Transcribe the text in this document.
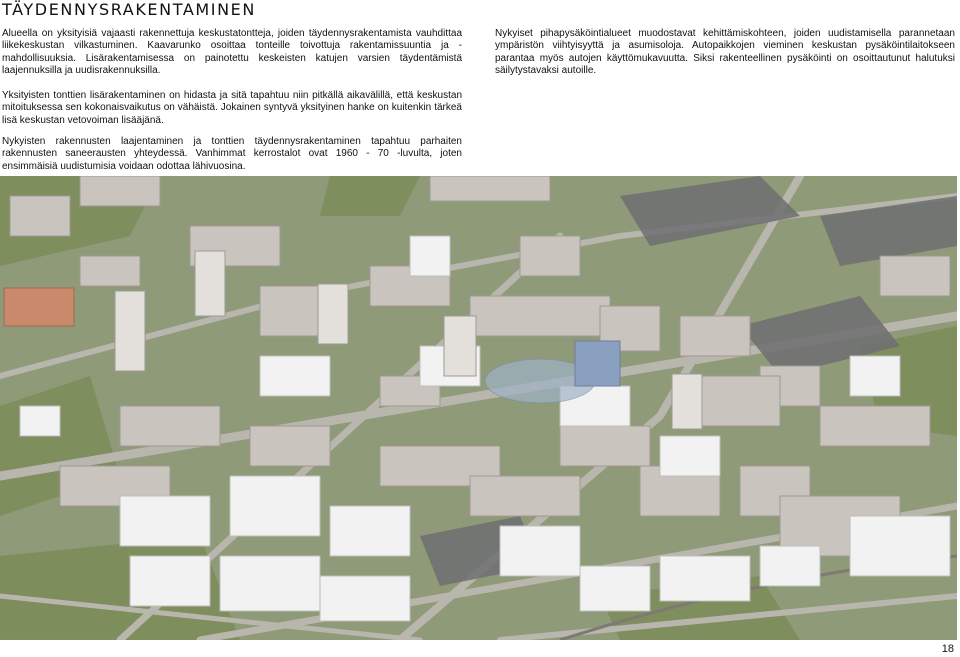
TÄYDENNYSRAKENTAMINEN

Alueella on yksityisiä vajaasti rakennettuja keskustatontteja, joiden täydennysrakentamista vauhdittaa liikekeskustan vilkastuminen. Kaavarunko osoittaa tonteille toivottuja rakentamissuuntia ja -mahdollisuuksia. Lisärakentamisessa on painotettu keskeisten katujen varsien täydentämistä laajennuksilla ja uudisrakennuksilla.

Yksityisten tonttien lisärakentaminen on hidasta ja sitä tapahtuu niin pitkällä aikavälillä, että keskustan mitoituksessa sen kokonaisvaikutus on vähäistä. Jokainen syntyvä yksityinen hanke on kuitenkin tärkeä lisä keskustan vetovoiman lisääjänä.

Nykyisten rakennusten laajentaminen ja tonttien täydennysrakentaminen tapahtuu parhaiten rakennusten saneerausten yhteydessä. Vanhimmat kerrostalot ovat 1960 - 70 -luvulta, joten ensimmäisiä uudistumisia voidaan odottaa lähivuosina.

Nykyiset pihapysäköintialueet muodostavat kehittämiskohteen, joiden uudistamisella parannetaan ympäristön viihtyisyyttä ja asumisoloja. Autopaikkojen vieminen keskustan pysäköintilaitokseen parantaa myös autojen käyttömukavuutta. Siksi rakenteellinen pysäköinti on osoittautunut halutuksi säilytystavaksi autoille.

18
